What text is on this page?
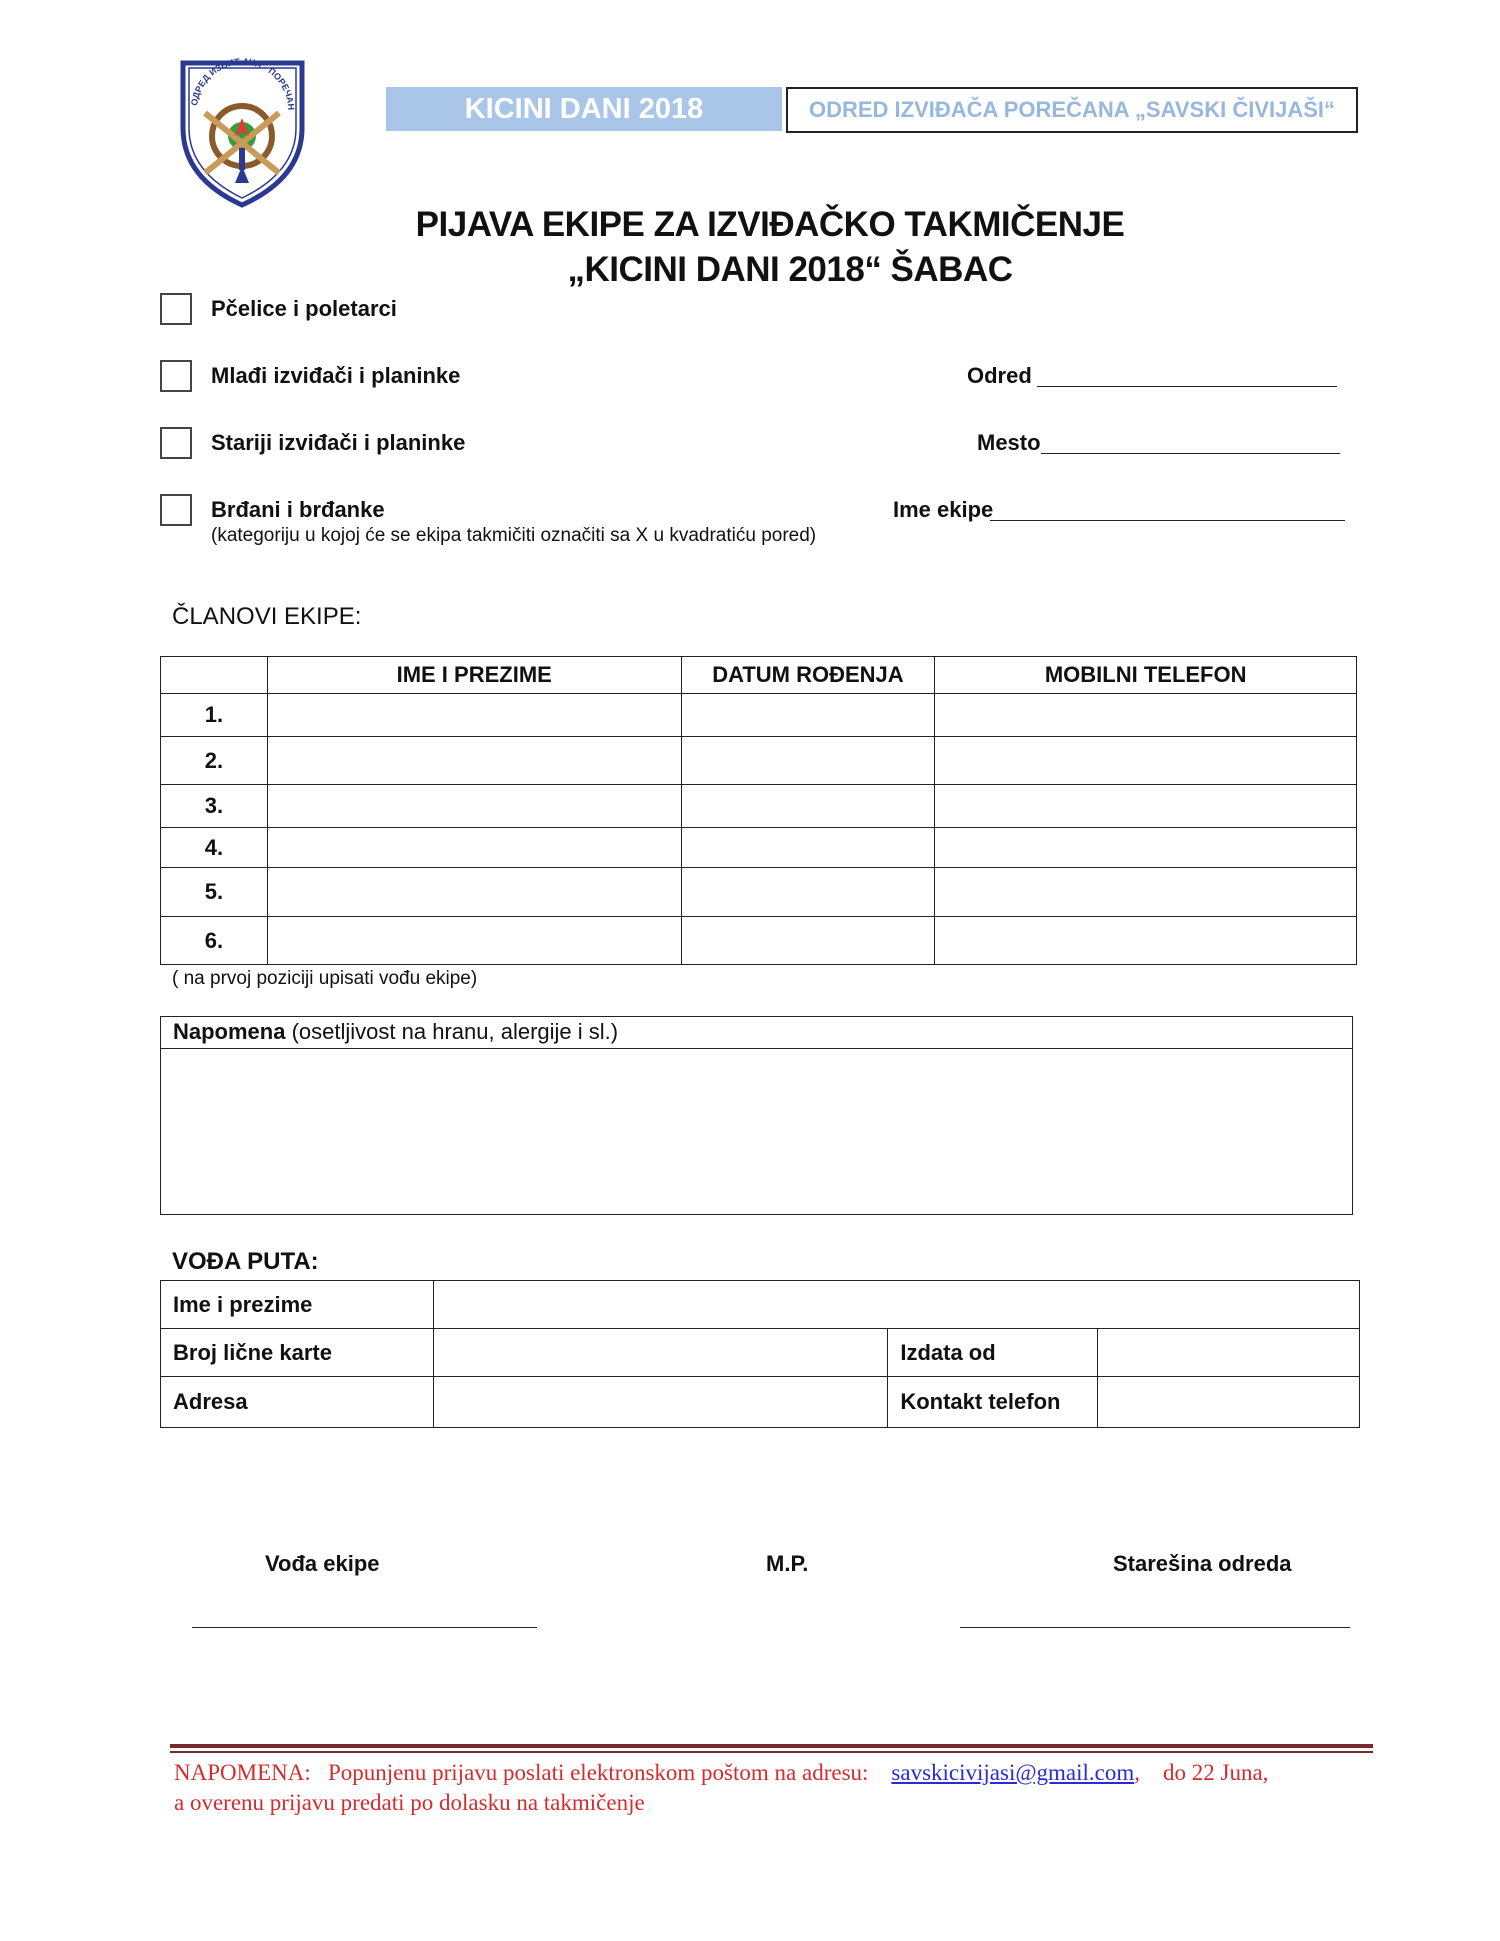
ОДРЕД ИЗВИЂАЧА - ПОРЕЧАН	KICINI DANI 2018	ODRED IZVIĐAČA POREČANA „SAVSKI ČIVIJAŠI“
PIJAVA EKIPE ZA IZVIĐAČKO TAKMIČENJE
„KICINI DANI 2018“ ŠABAC
Pčelice i poletarci
Mlađi izviđači i planinke
Stariji izviđači i planinke
Brđani i brđanke
(kategoriju u kojoj će se ekipa takmičiti označiti sa X u kvadratiću pored)
Odred
Mesto
Ime ekipe
ČLANOVI EKIPE:
	IME I PREZIME	DATUM ROĐENJA	MOBILNI TELEFON
1.			
2.			
3.			
4.			
5.			
6.			
( na prvoj poziciji upisati vođu ekipe)
Napomena (osetljivost na hranu, alergije i sl.)
VOĐA PUTA:
Ime i prezime			
Broj lične karte		Izdata od	
Adresa		Kontakt telefon	
Vođa ekipe	M.P.	Starešina odreda
NAPOMENA: Popunjenu prijavu poslati elektronskom poštom na adresu: savskicivijasi@gmail.com, do 22 Juna,
a overenu prijavu predati po dolasku na takmičenje
